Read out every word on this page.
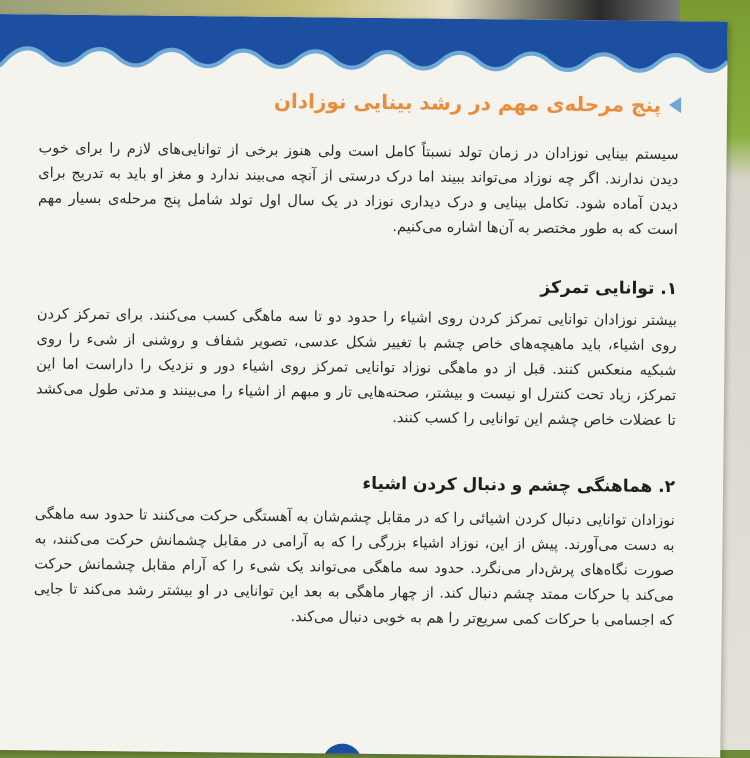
پنج مرحله‌ی مهم در رشد بینایی نوزادان
سیستم بینایی نوزادان در زمان تولد نسبتاً کامل است ولی هنوز برخی از توانایی‌های لازم را برای خوب دیدن ندارند. اگر چه نوزاد می‌تواند ببیند اما درک درستی از آنچه می‌بیند ندارد و مغز او باید به تدریج برای دیدن آماده شود. تکامل بینایی و درک دیداری نوزاد در یک سال اول تولد شامل پنج مرحله‌ی بسیار مهم است که به طور مختصر به آن‌ها اشاره می‌کنیم.
۱. توانایی تمرکز
بیشتر نوزادان توانایی تمرکز کردن روی اشیاء را حدود دو تا سه ماهگی کسب می‌کنند. برای تمرکز کردن روی اشیاء، باید ماهیچه‌های خاص چشم با تغییر شکل عدسی، تصویر شفاف و روشنی از شیء را روی شبکیه منعکس کنند. قبل از دو ماهگی نوزاد توانایی تمرکز روی اشیاء دور و نزدیک را داراست اما این تمرکز، زیاد تحت کنترل او نیست و بیشتر، صحنه‌هایی تار و مبهم از اشیاء را می‌بینند و مدتی طول می‌کشد تا عضلات خاص چشم این توانایی را کسب کنند.
۲. هماهنگی چشم و دنبال کردن اشیاء
نوزادان توانایی دنبال کردن اشیائی را که در مقابل چشم‌شان به آهستگی حرکت می‌کنند تا حدود سه ماهگی به دست می‌آورند. پیش از این، نوزاد اشیاء بزرگی را که به آرامی در مقابل چشمانش حرکت می‌کنند، به صورت نگاه‌های پرش‌دار می‌نگرد. حدود سه ماهگی می‌تواند یک شیء را که آرام مقابل چشمانش حرکت می‌کند با حرکات ممتد چشم دنبال کند. از چهار ماهگی به بعد این توانایی در او بیشتر رشد می‌کند تا جایی که اجسامی با حرکات کمی سریع‌تر را هم به خوبی دنبال می‌کند.
